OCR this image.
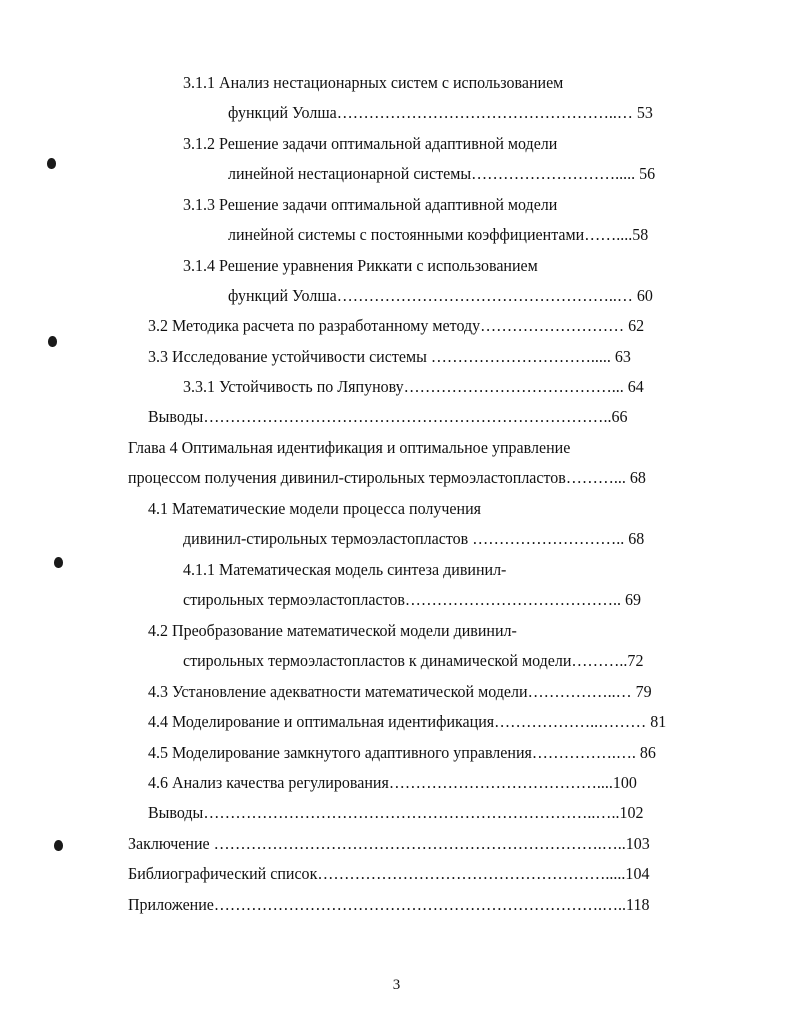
3.1.1 Анализ нестационарных систем с использованием
функций Уолша……………………………………………..… 53
3.1.2 Решение задачи оптимальной адаптивной модели
линейной нестационарной системы………………………..... 56
3.1.3 Решение задачи оптимальной адаптивной модели
линейной системы с постоянными коэффициентами……....58
3.1.4 Решение уравнения Риккати с использованием
функций Уолша……………………………………………..… 60
3.2 Методика расчета по разработанному методу……………………… 62
3.3 Исследование устойчивости системы …………………………..... 63
3.3.1 Устойчивость по Ляпунову…………………………………... 64
Выводы…………………………………………………………………..66
Глава 4 Оптимальная идентификация и оптимальное управление
процессом получения дивинил-стирольных термоэластопластов………... 68
4.1 Математические модели процесса получения
дивинил-стирольных термоэластопластов ……………………….. 68
4.1.1 Математическая модель синтеза дивинил-
стирольных термоэластопластов………………………………….. 69
4.2 Преобразование математической модели дивинил-
стирольных термоэластопластов к динамической модели………..72
4.3 Установление адекватности математической модели……………..… 79
4.4 Моделирование и оптимальная идентификация………………..……… 81
4.5 Моделирование замкнутого адаптивного управления…………….…. 86
4.6 Анализ качества регулирования…………………………………....100
Выводы………………………………………………………………..…..102
Заключение ……………………………………………………………….…..103
Библиографический список……………………………………………….....104
Приложение……………………………………………………………….…..118
3
